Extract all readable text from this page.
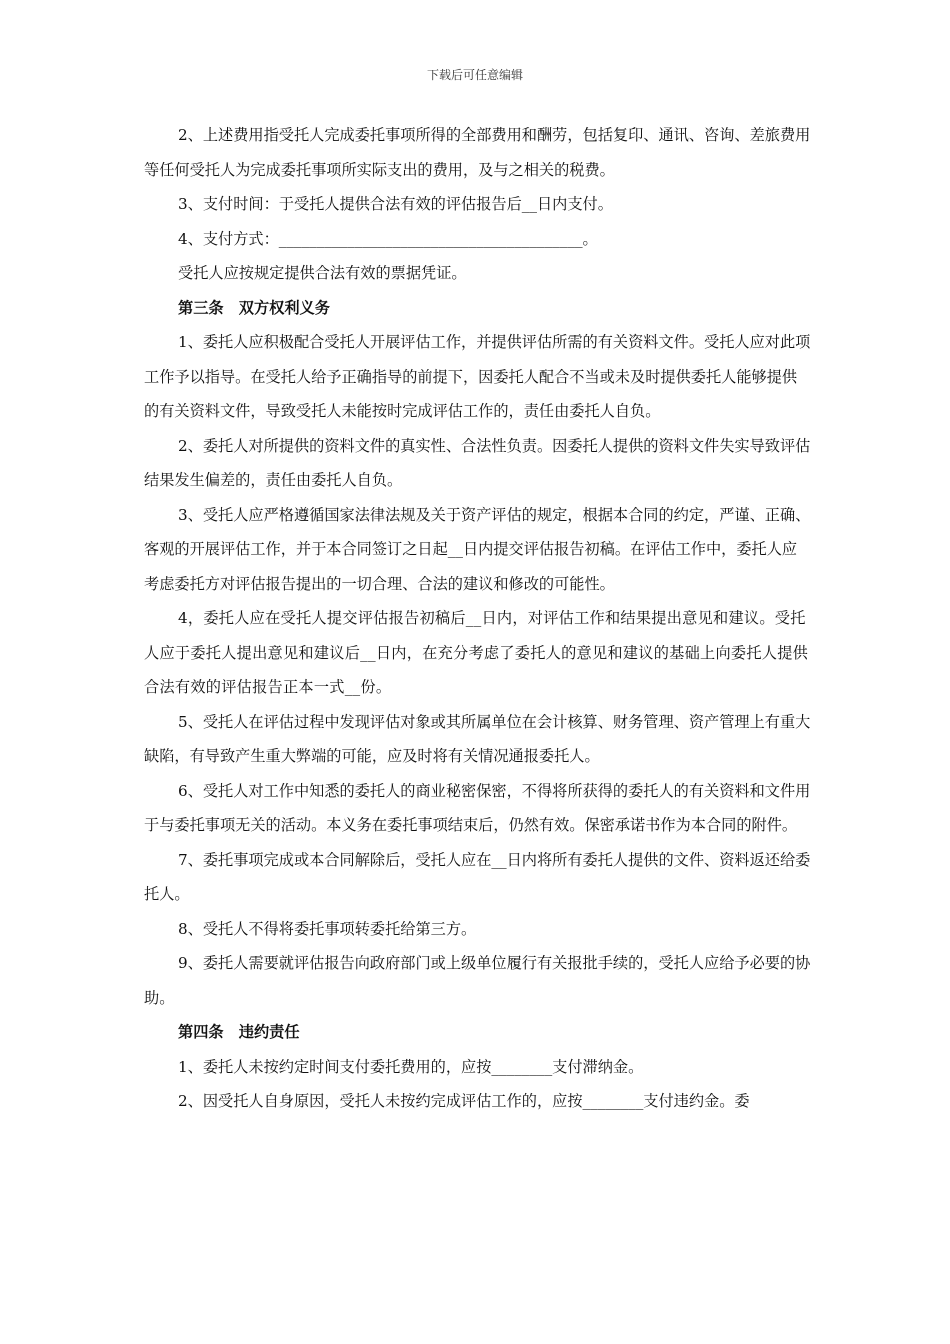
下载后可任意编辑

2、上述费用指受托人完成委托事项所得的全部费用和酬劳，包括复印、通讯、咨询、差旅费用等任何受托人为完成委托事项所实际支出的费用，及与之相关的税费。

3、支付时间：于受托人提供合法有效的评估报告后__日内支付。

4、支付方式：________________________________________。

受托人应按规定提供合法有效的票据凭证。

第三条　双方权利义务

1、委托人应积极配合受托人开展评估工作，并提供评估所需的有关资料文件。受托人应对此项工作予以指导。在受托人给予正确指导的前提下，因委托人配合不当或未及时提供委托人能够提供的有关资料文件，导致受托人未能按时完成评估工作的，责任由委托人自负。

2、委托人对所提供的资料文件的真实性、合法性负责。因委托人提供的资料文件失实导致评估结果发生偏差的，责任由委托人自负。

3、受托人应严格遵循国家法律法规及关于资产评估的规定，根据本合同的约定，严谨、正确、客观的开展评估工作，并于本合同签订之日起__日内提交评估报告初稿。在评估工作中，委托人应考虑委托方对评估报告提出的一切合理、合法的建议和修改的可能性。

4，委托人应在受托人提交评估报告初稿后__日内，对评估工作和结果提出意见和建议。受托人应于委托人提出意见和建议后__日内，在充分考虑了委托人的意见和建议的基础上向委托人提供合法有效的评估报告正本一式__份。

5、受托人在评估过程中发现评估对象或其所属单位在会计核算、财务管理、资产管理上有重大缺陷，有导致产生重大弊端的可能，应及时将有关情况通报委托人。

6、受托人对工作中知悉的委托人的商业秘密保密，不得将所获得的委托人的有关资料和文件用于与委托事项无关的活动。本义务在委托事项结束后，仍然有效。保密承诺书作为本合同的附件。

7、委托事项完成或本合同解除后，受托人应在__日内将所有委托人提供的文件、资料返还给委托人。

8、受托人不得将委托事项转委托给第三方。

9、委托人需要就评估报告向政府部门或上级单位履行有关报批手续的，受托人应给予必要的协助。

第四条　违约责任

1、委托人未按约定时间支付委托费用的，应按________支付滞纳金。

2、因受托人自身原因，受托人未按约完成评估工作的，应按________支付违约金。委
